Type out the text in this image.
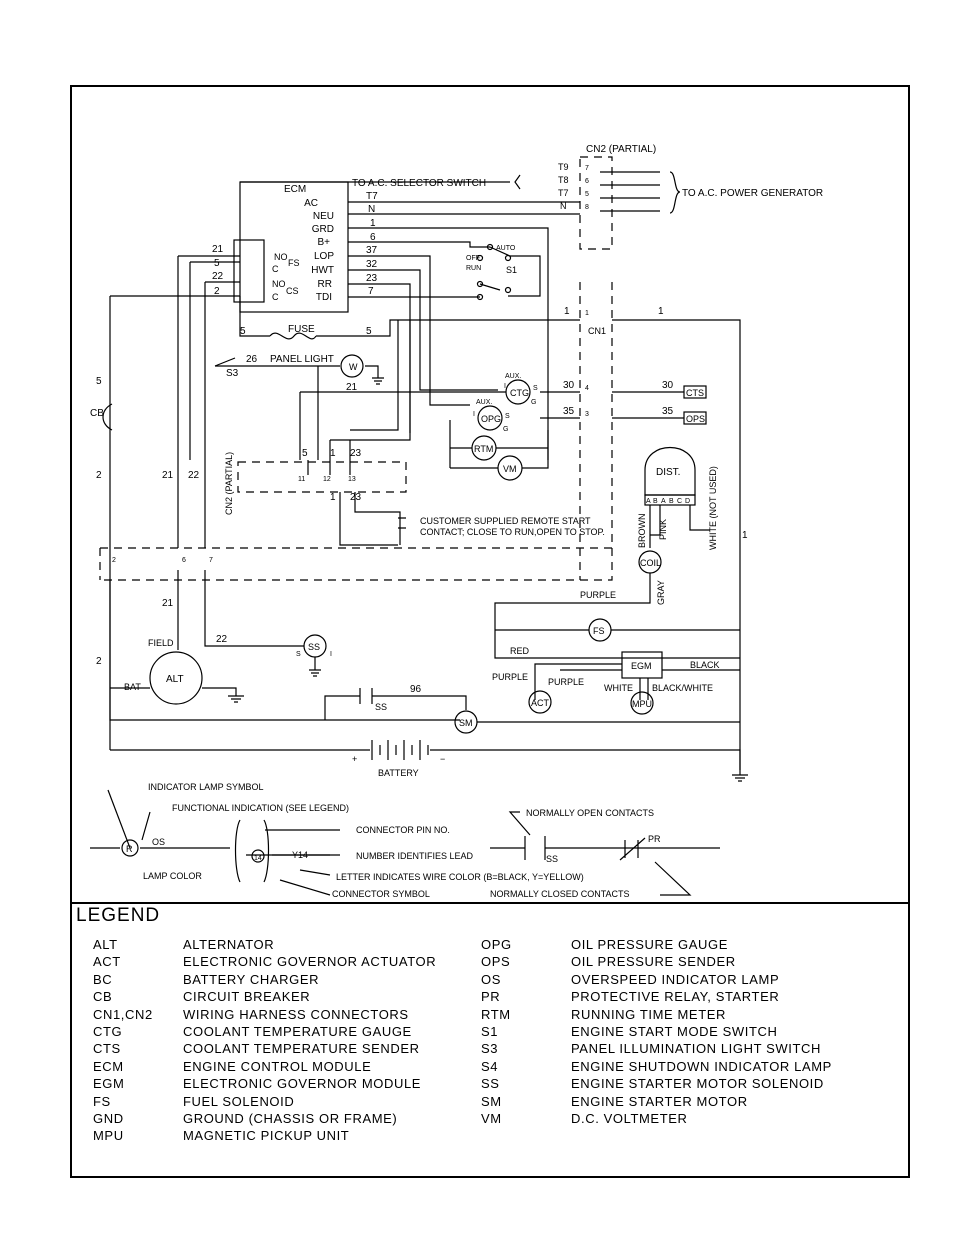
CN2 (PARTIAL)
TO A.C. SELECTOR SWITCH
TO A.C. POWER GENERATOR
ECM
AC
NEU
GRD
B+
LOP
HWT
RR
TDI
T7
N
1
6
37
32
23
7
T9
T8
T7
N
7
6
5
8
NO
FS
C
NO
CS
C
21
5
22
2
S1
AUTO
OFF
RUN
CN1
1
4
3
1	1
FUSE
5	5
26 PANEL LIGHT
S3
W
21
5
CB
CTG
AUX.
OPG
AUX.
I	S
G
I	S
G
RTM
VM
30
35
30
35
CTS
OPS
CN2 (PARTIAL)	5 1 23
11	12 13
1 23
CUSTOMER SUPPLIED REMOTE START
CONTACT; CLOSE TO RUN,OPEN TO STOP.
DIST.
A B A B C D
BROWN PINK	WHITE (NOT USED)
COIL
GRAY
PURPLE
1
2	6	7
2	21 22
21
22
2
FS
RED
EGM	BLACK
PURPLE PURPLE
WHITE BLACK/WHITE
ACT	MPU
FIELD
ALT
BAT
SS
S	I
96
SS
SM
BATTERY
+	−
INDICATOR LAMP SYMBOL
FUNCTIONAL INDICATION (SEE LEGEND)
CONNECTOR PIN NO.
NUMBER IDENTIFIES LEAD
LETTER INDICATES WIRE COLOR (B=BLACK, Y=YELLOW)
CONNECTOR SYMBOL
LAMP COLOR
NORMALLY OPEN CONTACTS
NORMALLY CLOSED CONTACTS
R
OS
14	Y14	SS
PR
LEGEND
ALT	ALTERNATOR
ACT	ELECTRONIC GOVERNOR ACTUATOR
BC	BATTERY CHARGER
CB	CIRCUIT BREAKER
CN1,CN2 WIRING HARNESS CONNECTORS
CTG	COOLANT TEMPERATURE GAUGE
CTS	COOLANT TEMPERATURE SENDER
ECM	ENGINE CONTROL MODULE
EGM	ELECTRONIC GOVERNOR MODULE
FS	FUEL SOLENOID
GND	GROUND (CHASSIS OR FRAME)
MPU	MAGNETIC PICKUP UNIT
OPG	OIL PRESSURE GAUGE
OPS	OIL PRESSURE SENDER
OS	OVERSPEED INDICATOR LAMP
PR	PROTECTIVE RELAY, STARTER
RTM	RUNNING TIME METER
S1	ENGINE START MODE SWITCH
S3	PANEL ILLUMINATION LIGHT SWITCH
S4	ENGINE SHUTDOWN INDICATOR LAMP
SS	ENGINE STARTER MOTOR SOLENOID
SM	ENGINE STARTER MOTOR
VM	D.C. VOLTMETER
